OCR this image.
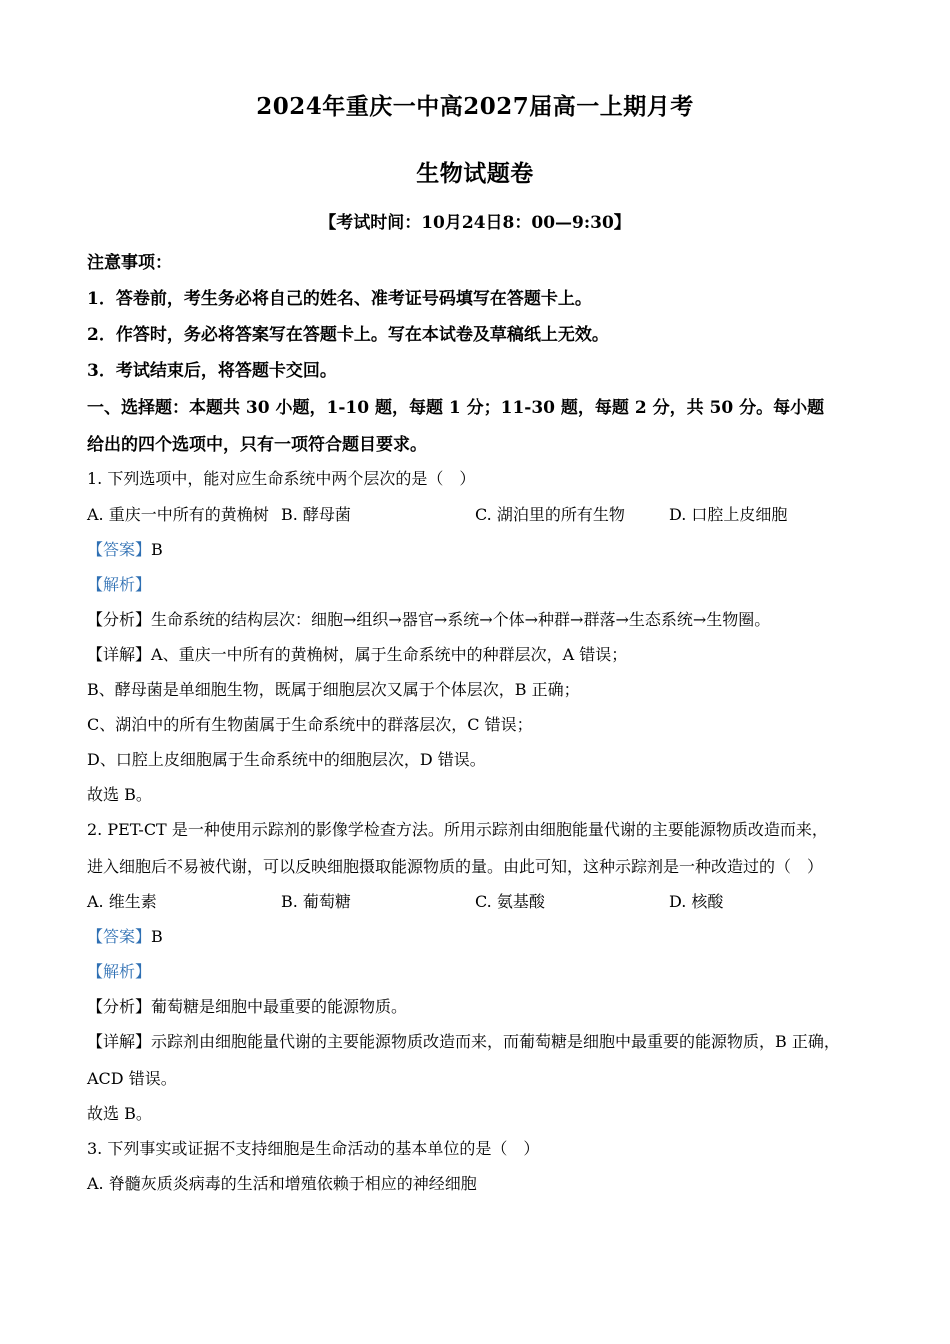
2024年重庆一中高2027届高一上期月考
生物试题卷
【考试时间：10月24日8：00—9:30】
注意事项：
1．答卷前，考生务必将自己的姓名、准考证号码填写在答题卡上。
2．作答时，务必将答案写在答题卡上。写在本试卷及草稿纸上无效。
3．考试结束后，将答题卡交回。
一、选择题：本题共 30 小题，1-10 题，每题 1 分；11-30 题，每题 2 分，共 50 分。每小题
给出的四个选项中，只有一项符合题目要求。
1. 下列选项中，能对应生命系统中两个层次的是（　）
A. 重庆一中所有的黄桷树 B. 酵母菌	C. 湖泊里的所有生物	D. 口腔上皮细胞
【答案】B
【解析】
【分析】生命系统的结构层次：细胞→组织→器官→系统→个体→种群→群落→生态系统→生物圈。
【详解】A、重庆一中所有的黄桷树，属于生命系统中的种群层次，A 错误；
B、酵母菌是单细胞生物，既属于细胞层次又属于个体层次，B 正确；
C、湖泊中的所有生物菌属于生命系统中的群落层次，C 错误；
D、口腔上皮细胞属于生命系统中的细胞层次，D 错误。
故选 B。
2. PET-CT 是一种使用示踪剂的影像学检查方法。所用示踪剂由细胞能量代谢的主要能源物质改造而来，
进入细胞后不易被代谢，可以反映细胞摄取能源物质的量。由此可知，这种示踪剂是一种改造过的（　）
A. 维生素	B. 葡萄糖	C. 氨基酸	D. 核酸
【答案】B
【解析】
【分析】葡萄糖是细胞中最重要的能源物质。
【详解】示踪剂由细胞能量代谢的主要能源物质改造而来，而葡萄糖是细胞中最重要的能源物质，B 正确，
ACD 错误。
故选 B。
3. 下列事实或证据不支持细胞是生命活动的基本单位的是（　）
A. 脊髓灰质炎病毒的生活和增殖依赖于相应的神经细胞
